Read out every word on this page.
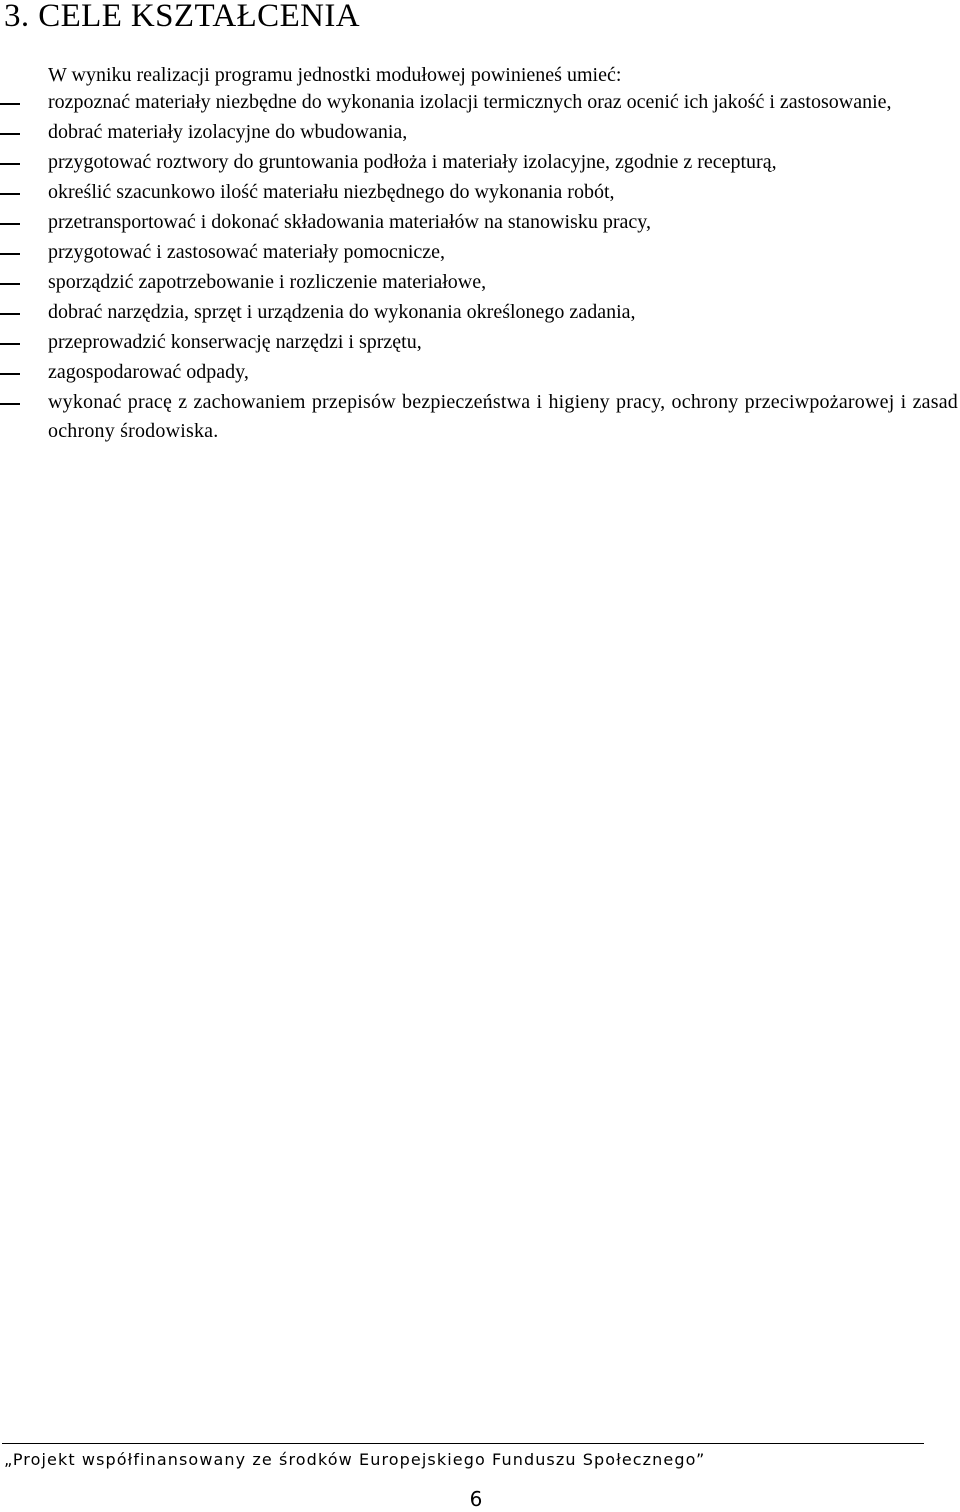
3. CELE KSZTAŁCENIA

W wyniku realizacji programu jednostki modułowej powinieneś umieć:

rozpoznać materiały niezbędne do wykonania izolacji termicznych oraz ocenić ich jakość i zastosowanie,
dobrać materiały izolacyjne do wbudowania,
przygotować roztwory do gruntowania podłoża i materiały izolacyjne, zgodnie z recepturą,
określić szacunkowo ilość materiału niezbędnego do wykonania robót,
przetransportować i dokonać składowania materiałów na stanowisku pracy,
przygotować i zastosować materiały pomocnicze,
sporządzić zapotrzebowanie i rozliczenie materiałowe,
dobrać narzędzia, sprzęt i urządzenia do wykonania określonego zadania,
przeprowadzić konserwację narzędzi i sprzętu,
zagospodarować odpady,
wykonać pracę z zachowaniem przepisów bezpieczeństwa i higieny pracy, ochrony przeciwpożarowej i zasad ochrony środowiska.

„Projekt współfinansowany ze środków Europejskiego Funduszu Społecznego”

6
